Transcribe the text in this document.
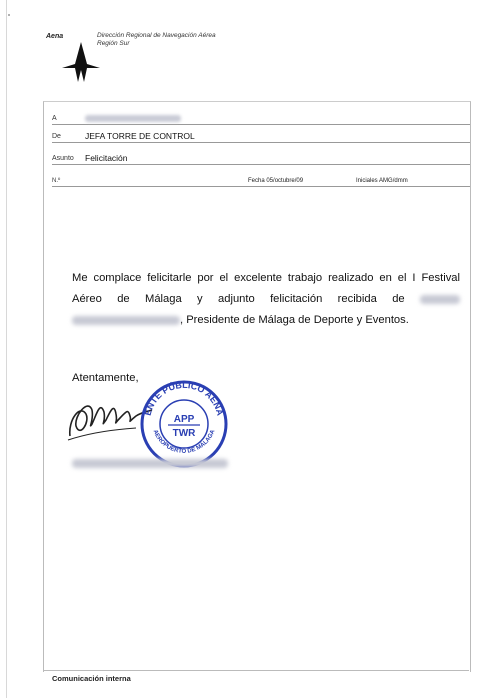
Aena	Dirección Regional de Navegación Aérea
Región Sur
A
De	JEFA TORRE DE CONTROL
Asunto Felicitación
N.º	Fecha 05/octubre/09	Iniciales AMG/dmm
Me complace felicitarle por el excelente trabajo realizado en el I Festival Aéreo de Málaga y adjunto felicitación recibida de  , Presidente de Málaga de Deporte y Eventos.
Atentamente,
ENTE PÚBLICO AENA
AEROPUERTO DE MÁLAGA
APP
TWR
Comunicación interna
